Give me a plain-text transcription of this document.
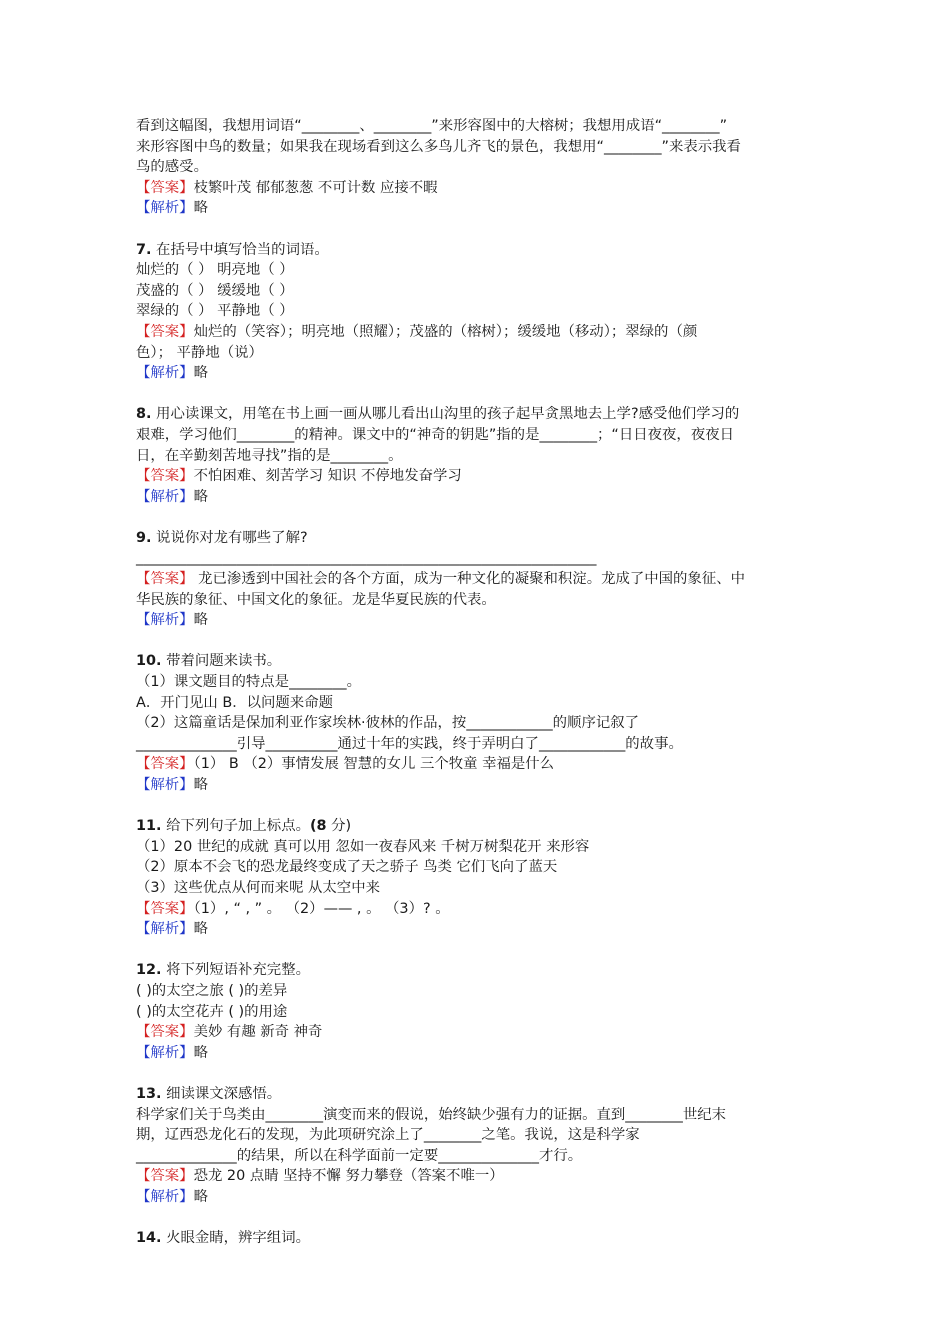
看到这幅图，我想用词语“________、________”来形容图中的大榕树；我想用成语“________”
来形容图中鸟的数量；如果我在现场看到这么多鸟儿齐飞的景色，我想用“________”来表示我看
鸟的感受。
【答案】枝繁叶茂 郁郁葱葱 不可计数 应接不暇
【解析】略
7. 在括号中填写恰当的词语。
灿烂的（ ） 明亮地（ ）
茂盛的（ ） 缓缓地（ ）
翠绿的（ ） 平静地（ ）
【答案】灿烂的（笑容）；明亮地（照耀）；茂盛的（榕树）；缓缓地（移动）；翠绿的（颜
色）； 平静地（说）
【解析】略
8. 用心读课文，用笔在书上画一画从哪儿看出山沟里的孩子起早贪黑地去上学?感受他们学习的
艰难，学习他们________的精神。课文中的“神奇的钥匙”指的是________；“日日夜夜，夜夜日
日，在辛勤刻苦地寻找”指的是________。
【答案】不怕困难、刻苦学习 知识 不停地发奋学习
【解析】略
9. 说说你对龙有哪些了解?
________________________________________________________________
【答案】 龙已渗透到中国社会的各个方面，成为一种文化的凝聚和积淀。龙成了中国的象征、中
华民族的象征、中国文化的象征。龙是华夏民族的代表。
【解析】略
10. 带着问题来读书。
（1）课文题目的特点是________。
A．开门见山 B．以问题来命题
（2）这篇童话是保加利亚作家埃林·彼林的作品，按____________的顺序记叙了
______________引导__________通过十年的实践，终于弄明白了____________的故事。
【答案】（1） B （2）事情发展 智慧的女儿 三个牧童 幸福是什么
【解析】略
11. 给下列句子加上标点。(8 分)
（1）20 世纪的成就 真可以用 忽如一夜春风来 千树万树梨花开 来形容
（2）原本不会飞的恐龙最终变成了天之骄子 鸟类 它们飞向了蓝天
（3）这些优点从何而来呢 从太空中来
【答案】（1）, “ , ” 。 （2）—— , 。 （3）? 。
【解析】略
12. 将下列短语补充完整。
( )的太空之旅 ( )的差异
( )的太空花卉 ( )的用途
【答案】美妙 有趣 新奇 神奇
【解析】略
13. 细读课文深感悟。
科学家们关于鸟类由________演变而来的假说，始终缺少强有力的证据。直到________世纪末
期，辽西恐龙化石的发现，为此项研究涂上了________之笔。我说，这是科学家
______________的结果，所以在科学面前一定要______________才行。
【答案】恐龙 20 点睛 坚持不懈 努力攀登（答案不唯一）
【解析】略
14. 火眼金睛，辨字组词。
